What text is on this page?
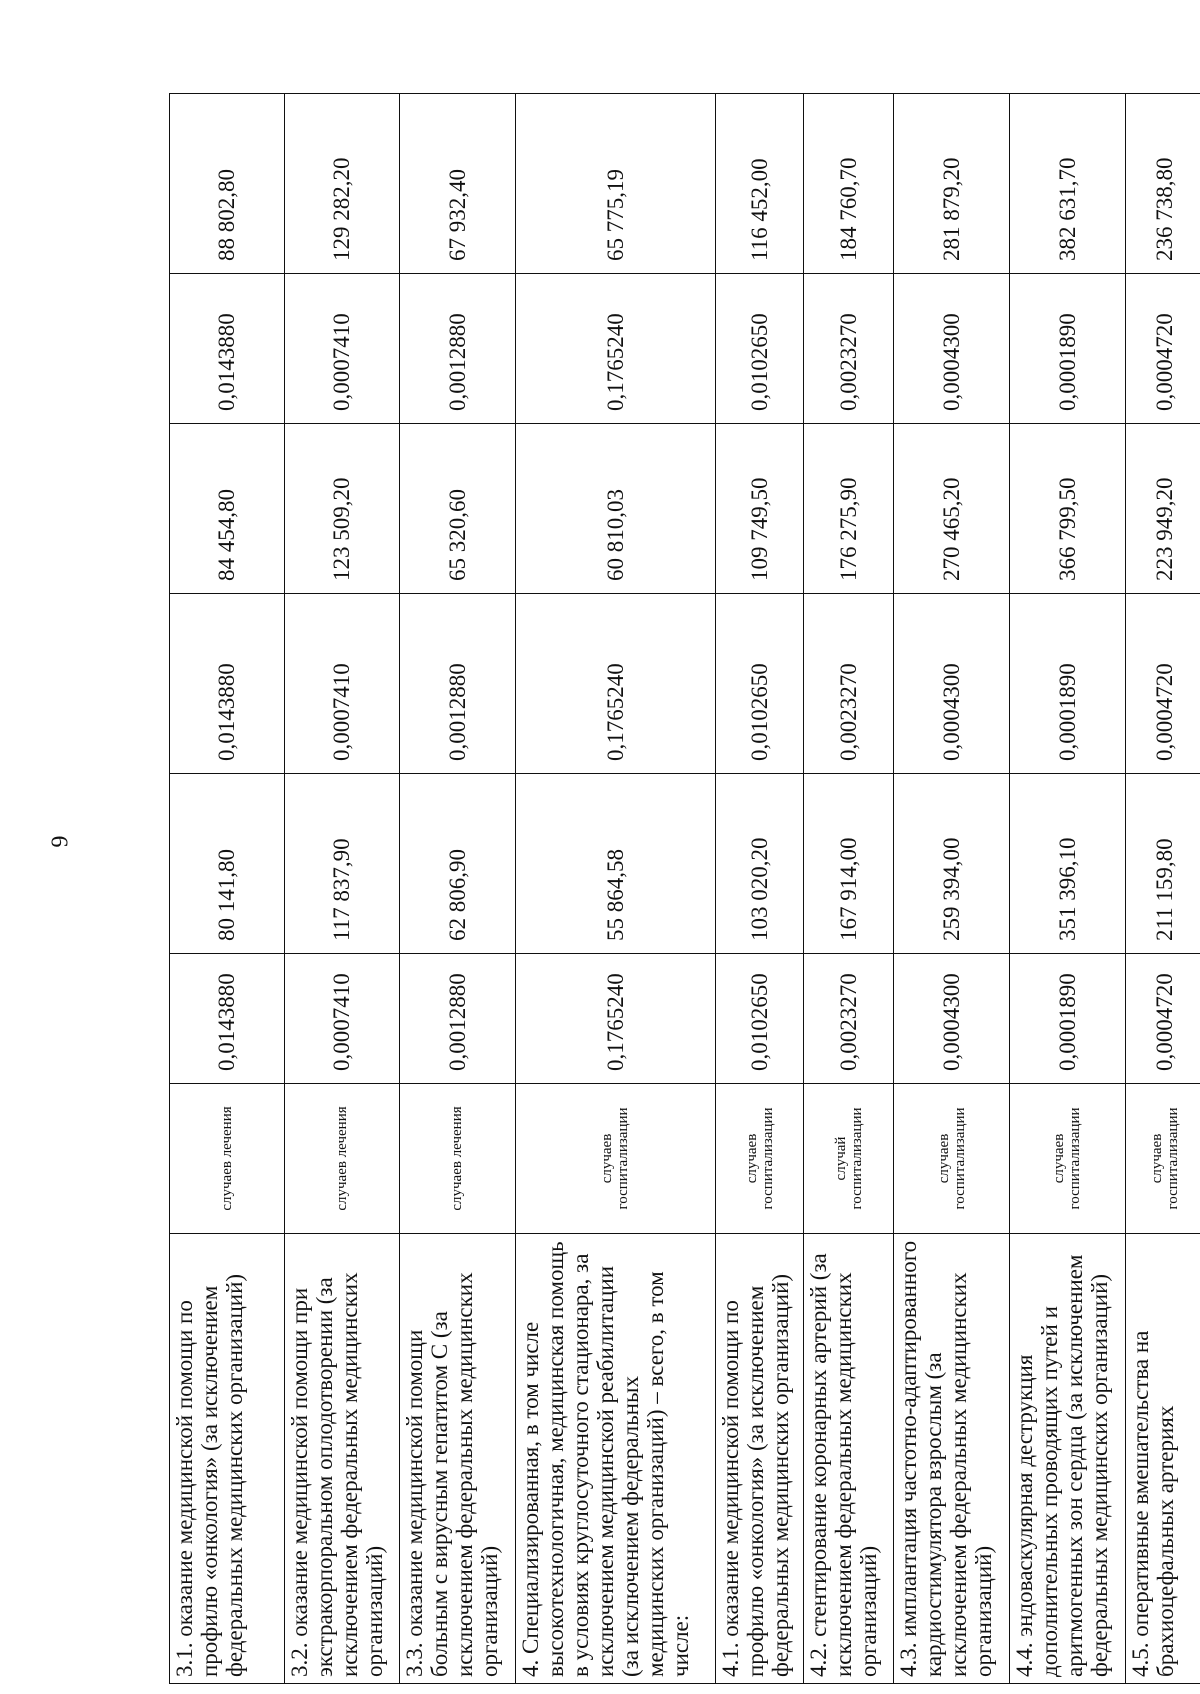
6
3.1. оказание медицинской помощи по профилю «онкология» (за исключением федеральных медицинских организаций)	случаев лечения	0,0143880	80 141,80	0,0143880	84 454,80	0,0143880	88 802,80
3.2. оказание медицинской помощи при экстракорпоральном оплодотворении (за исключением федеральных медицинских организаций)	случаев лечения	0,0007410	117 837,90	0,0007410	123 509,20	0,0007410	129 282,20
3.3. оказание медицинской помощи больным с вирусным гепатитом С (за исключением федеральных медицинских организаций)	случаев лечения	0,0012880	62 806,90	0,0012880	65 320,60	0,0012880	67 932,40
4. Специализированная, в том числе высокотехнологичная, медицинская помощь в условиях круглосуточного стационара, за исключением медицинской реабилитации (за исключением федеральных медицинских организаций) – всего, в том числе:	случаев госпитализации	0,1765240	55 864,58	0,1765240	60 810,03	0,1765240	65 775,19
4.1. оказание медицинской помощи по профилю «онкология» (за исключением федеральных медицинских организаций)	случаев госпитализации	0,0102650	103 020,20	0,0102650	109 749,50	0,0102650	116 452,00
4.2. стентирование коронарных артерий (за исключением федеральных медицинских организаций)	случай госпитализации	0,0023270	167 914,00	0,0023270	176 275,90	0,0023270	184 760,70
4.3. имплантация частотно-адаптированного кардиостимулятора взрослым (за исключением федеральных медицинских организаций)	случаев госпитализации	0,0004300	259 394,00	0,0004300	270 465,20	0,0004300	281 879,20
4.4. эндоваскулярная деструкция дополнительных проводящих путей и аритмогенных зон сердца (за исключением федеральных медицинских организаций)	случаев госпитализации	0,0001890	351 396,10	0,0001890	366 799,50	0,0001890	382 631,70
4.5. оперативные вмешательства на брахиоцефальных артериях	случаев госпитализации	0,0004720	211 159,80	0,0004720	223 949,20	0,0004720	236 738,80
